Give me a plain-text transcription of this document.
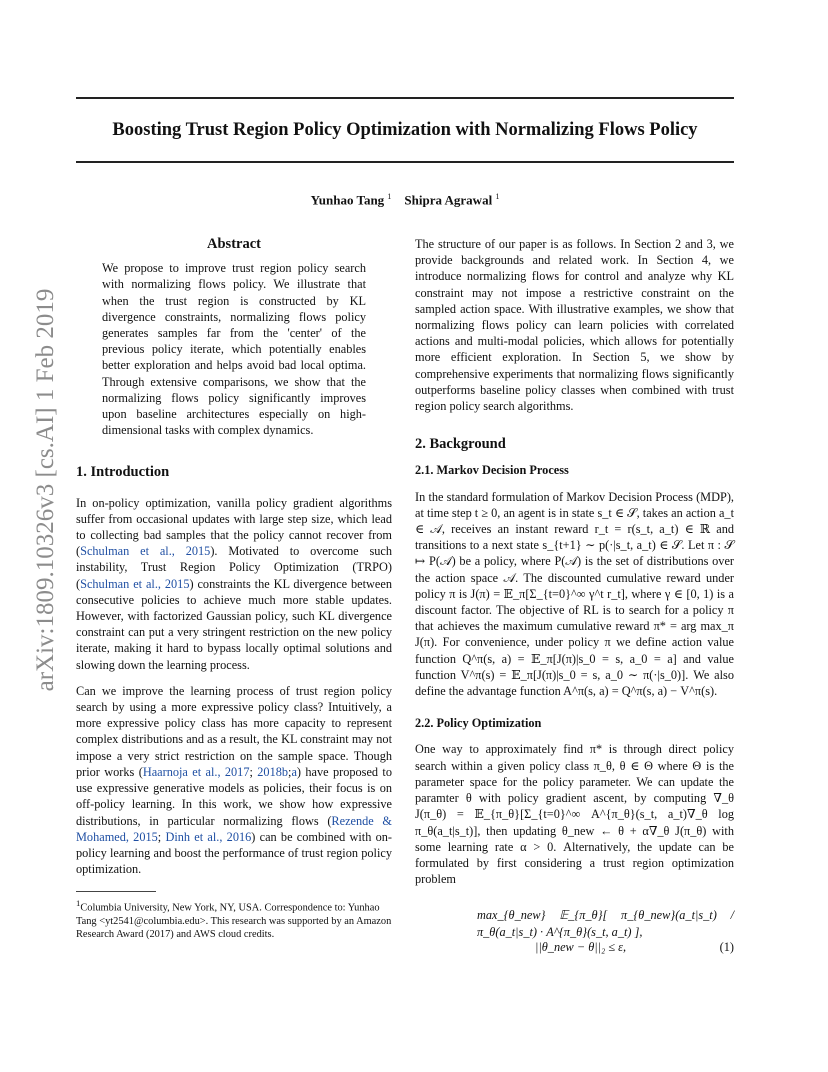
Boosting Trust Region Policy Optimization with Normalizing Flows Policy
Yunhao Tang $^1$ Shipra Agrawal $^1$
arXiv:1809.10326v3 [cs.AI] 1 Feb 2019
Abstract

We propose to improve trust region policy search with normalizing flows policy. We illustrate that when the trust region is constructed by KL divergence constraints, normalizing flows policy generates samples far from the 'center' of the previous policy iterate, which potentially enables better exploration and helps avoid bad local optima. Through extensive comparisons, we show that the normalizing flows policy significantly improves upon baseline architectures especially on high-dimensional tasks with complex dynamics.

1. Introduction

In on-policy optimization, vanilla policy gradient algorithms suffer from occasional updates with large step size, which lead to collecting bad samples that the policy cannot recover from (Schulman et al., 2015). Motivated to overcome such instability, Trust Region Policy Optimization (TRPO) (Schulman et al., 2015) constraints the KL divergence between consecutive policies to achieve much more stable updates. However, with factorized Gaussian policy, such KL divergence constraint can put a very stringent restriction on the new policy iterate, making it hard to bypass locally optimal solutions and slowing down the learning process.

Can we improve the learning process of trust region policy search by using a more expressive policy class? Intuitively, a more expressive policy class has more capacity to represent complex distributions and as a result, the KL constraint may not impose a very strict restriction on the sample space. Though prior works (Haarnoja et al., 2017; 2018b;a) have proposed to use expressive generative models as policies, their focus is on off-policy learning. In this work, we show how expressive distributions, in particular normalizing flows (Rezende & Mohamed, 2015; Dinh et al., 2016) can be combined with on-policy learning and boost the performance of trust region policy optimization.

$^1$Columbia University, New York, NY, USA. Correspondence to: Yunhao Tang <yt2541@columbia.edu>. This research was supported by an Amazon Research Award (2017) and AWS cloud credits.

The structure of our paper is as follows. In Section 2 and 3, we provide backgrounds and related work. In Section 4, we introduce normalizing flows for control and analyze why KL constraint may not impose a restrictive constraint on the sampled action space. With illustrative examples, we show that normalizing flows policy can learn policies with correlated actions and multi-modal policies, which allows for potentially more efficient exploration. In Section 5, we show by comprehensive experiments that normalizing flows significantly outperforms baseline policy classes when combined with trust region policy search algorithms.

2. Background
2.1. Markov Decision Process

In the standard formulation of Markov Decision Process (MDP), at time step t ≥ 0, an agent is in state s_t ∈ 𝒮, takes an action a_t ∈ 𝒜, receives an instant reward r_t = r(s_t, a_t) ∈ ℝ and transitions to a next state s_{t+1} ∼ p(·|s_t, a_t) ∈ 𝒮. Let π : 𝒮 ↦ P(𝒜) be a policy, where P(𝒜) is the set of distributions over the action space 𝒜. The discounted cumulative reward under policy π is J(π) = 𝔼_π[Σ_{t=0}^∞ γ^t r_t], where γ ∈ [0, 1) is a discount factor. The objective of RL is to search for a policy π that achieves the maximum cumulative reward π* = arg max_π J(π). For convenience, under policy π we define action value function Q^π(s, a) = 𝔼_π[J(π)|s_0 = s, a_0 = a] and value function V^π(s) = 𝔼_π[J(π)|s_0 = s, a_0 ∼ π(·|s_0)]. We also define the advantage function A^π(s, a) = Q^π(s, a) − V^π(s).

2.2. Policy Optimization

One way to approximately find π* is through direct policy search within a given policy class π_θ, θ ∈ Θ where Θ is the parameter space for the policy parameter. We can update the paramter θ with policy gradient ascent, by computing ∇_θ J(π_θ) = 𝔼_{π_θ}[Σ_{t=0}^∞ A^{π_θ}(s_t, a_t)∇_θ log π_θ(a_t|s_t)], then updating θ_new ← θ + α∇_θ J(π_θ) with some learning rate α > 0. Alternatively, the update can be formulated by first considering a trust region optimization problem

max_{θ_new} 𝔼_{π_θ}[ π_{θ_new}(a_t|s_t) / π_θ(a_t|s_t) · A^{π_θ}(s_t, a_t) ],
||θ_new − θ||₂ ≤ ε,	(1)
